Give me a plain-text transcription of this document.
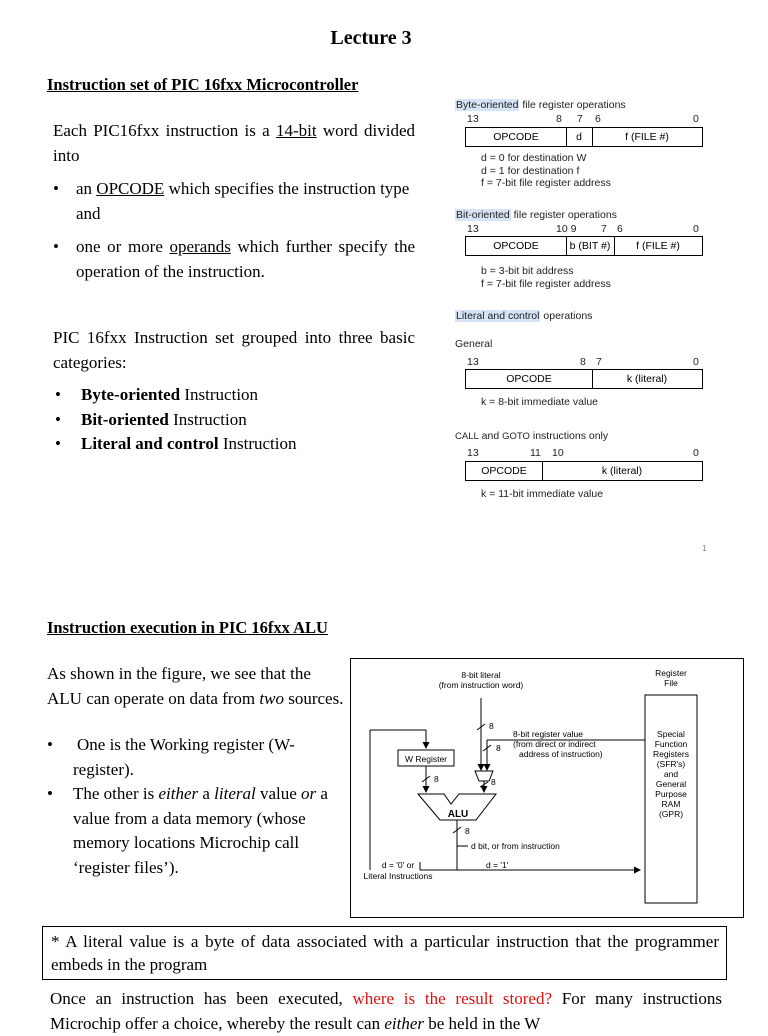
Lecture 3
Instruction set of PIC 16fxx Microcontroller
Each PIC16fxx instruction is a 14-bit word divided into
• an OPCODE which specifies the instruction type and
• one or more operands which further specify the operation of the instruction.
PIC 16fxx Instruction set grouped into three basic categories:
• Byte-oriented Instruction
• Bit-oriented Instruction
• Literal and control Instruction
Byte-oriented file register operations
13	8 7 6	0
OPCODE	d	f (FILE #)
d = 0 for destination W
d = 1 for destination f
f = 7-bit file register address
Bit-oriented file register operations
13	10 9 7 6	0
OPCODE	b (BIT #)	f (FILE #)
b = 3-bit bit address
f = 7-bit file register address
Literal and control operations
General
13	8 7	0
OPCODE	k (literal)
k = 8-bit immediate value
CALL and GOTO instructions only
13	11 10	0
OPCODE	k (literal)
k = 11-bit immediate value
1
Instruction execution in PIC 16fxx ALU
As shown in the figure, we see that the ALU can operate on data from two sources.
• One is the Working register (W-register).
• The other is either a literal value or a value from a data memory (whose memory locations Microchip call ‘register files’).
8-bit literal
(from instruction word)
Register
File
8-bit register value
(from direct or indirect
address of instruction)
W Register
ALU
8
8
8
8
8
Special
Function
Registers
(SFR's)
and
General
Purpose
RAM
(GPR)
d bit, or from instruction
d = '1'
d = '0' or
Literal Instructions
* A literal value is a byte of data associated with a particular instruction that the programmer embeds in the program
Once an instruction has been executed, where is the result stored? For many instructions Microchip offer a choice, whereby the result can either be held in the W
